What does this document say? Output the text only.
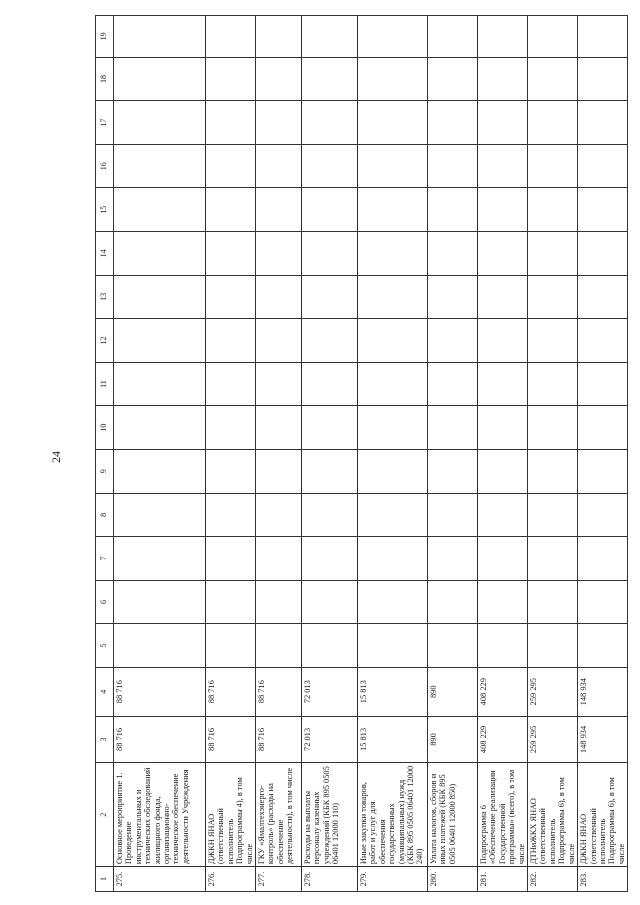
24
1	2	3	4	5	6	7	8	9	10	11	12	13	14	15	16	17	18	19
275.	Основное мероприятие 1. Проведение инструментальных и технических обследований жилищного фонда, организационно-техническое обеспечение деятельности Учреждения	88 716	88 716															
276.	ДЖКН ЯНАО (ответственный исполнитель Подпрограммы 4), в том числе	88 716	88 716															
277.	ГКУ «Ямалтехэнерго-контроль» (расходы на обеспечение деятельности), в том числе	88 716	88 716															
278.	Расходы на выплаты персоналу казенных учреждений (КБК 895 0505 06401 12000 110)	72 013	72 013															
279.	Иные закупки товаров, работ и услуг для обеспечения государственных (муниципальных) нужд (КБК 895 0505 06401 12000 240)	15 813	15 813															
280.	Уплата налогов, сборов и иных платежей (КБК 895 0505 06401 12000 850)	890	890															
281.	Подпрограмма 6 «Обеспечение реализации Государственной программы» (всего), в том числе	408 229	408 229															
282.	ДТНиЖКХ ЯНАО (ответственный исполнитель Подпрограммы 6), в том числе	259 295	259 295															
283.	ДЖКН ЯНАО (ответственный исполнитель Подпрограммы 6), в том числе	148 934	148 934															
